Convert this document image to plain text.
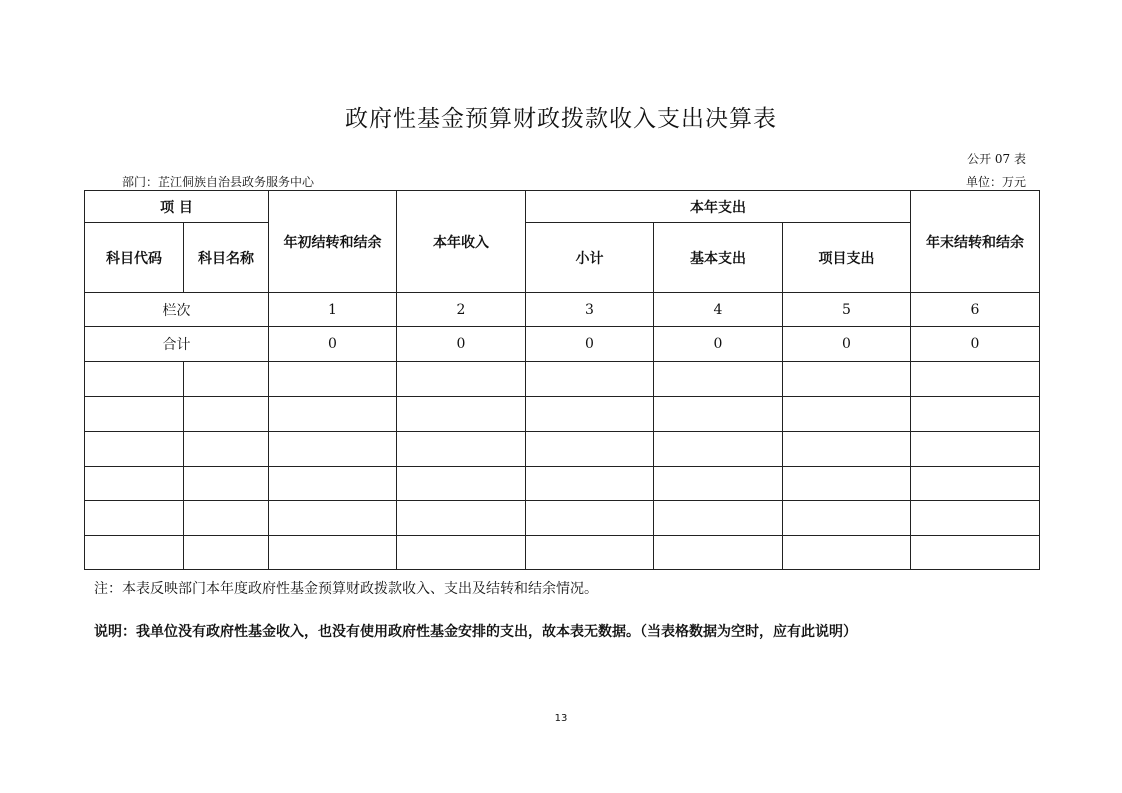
政府性基金预算财政拨款收入支出决算表
公开 07 表
部门：芷江侗族自治县政务服务中心	单位：万元
项 目		年初结转和结余	本年收入	本年支出			年末结转和结余
科目代码	科目名称			小计	基本支出	项目支出	
栏次		1	2	3	4	5	6
合计		0	0	0	0	0	0

注：本表反映部门本年度政府性基金预算财政拨款收入、支出及结转和结余情况。
说明：我单位没有政府性基金收入，也没有使用政府性基金安排的支出，故本表无数据。（当表格数据为空时，应有此说明）
13
